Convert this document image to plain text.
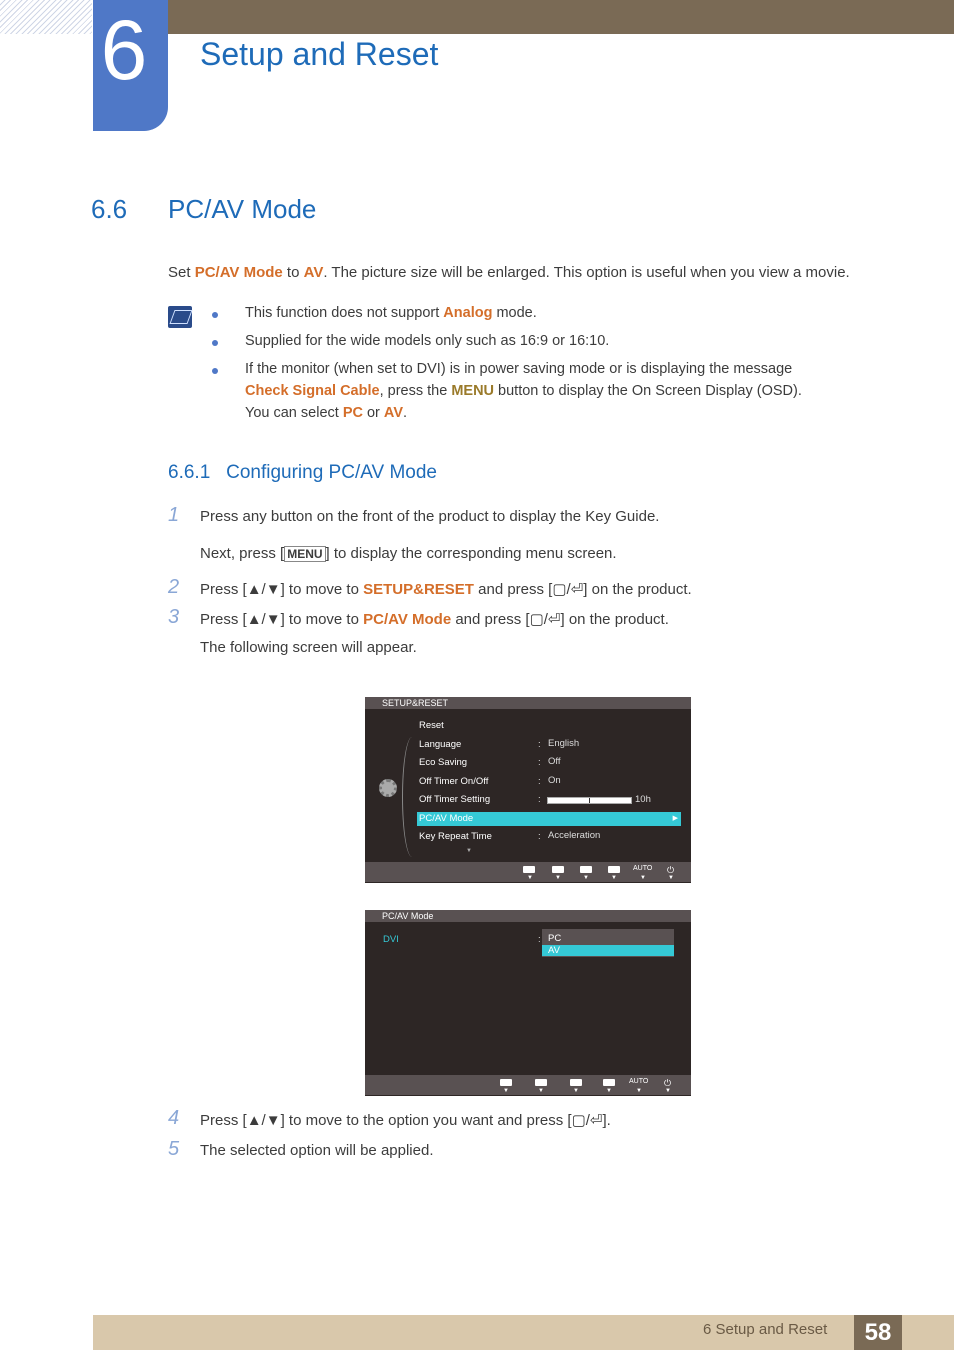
6 Setup and Reset
6.6 PC/AV Mode
Set PC/AV Mode to AV. The picture size will be enlarged. This option is useful when you view a movie.
This function does not support Analog mode.
Supplied for the wide models only such as 16:9 or 16:10.
If the monitor (when set to DVI) is in power saving mode or is displaying the message
Check Signal Cable, press the MENU button to display the On Screen Display (OSD).
You can select PC or AV.
6.6.1 Configuring PC/AV Mode
1 Press any button on the front of the product to display the Key Guide.
Next, press [ MENU ] to display the corresponding menu screen.
2 Press [▲/▼] to move to SETUP&RESET and press [▢/⏎] on the product.
3 Press [▲/▼] to move to PC/AV Mode and press [▢/⏎] on the product.
The following screen will appear.
SETUP&RESET
Reset
Language	: English
Eco Saving	: Off
Off Timer On/Off	: On
Off Timer Setting	:	10h
PC/AV Mode	▶
Key Repeat Time	: Acceleration
▼
AUTO ⏻
▼	▼	▼	▼	▼	▼
PC/AV Mode
DVI	: PC
AV
AUTO ⏻
▼	▼	▼	▼	▼	▼
4 Press [▲/▼] to move to the option you want and press [▢/⏎].
5 The selected option will be applied.
6 Setup and Reset	58
